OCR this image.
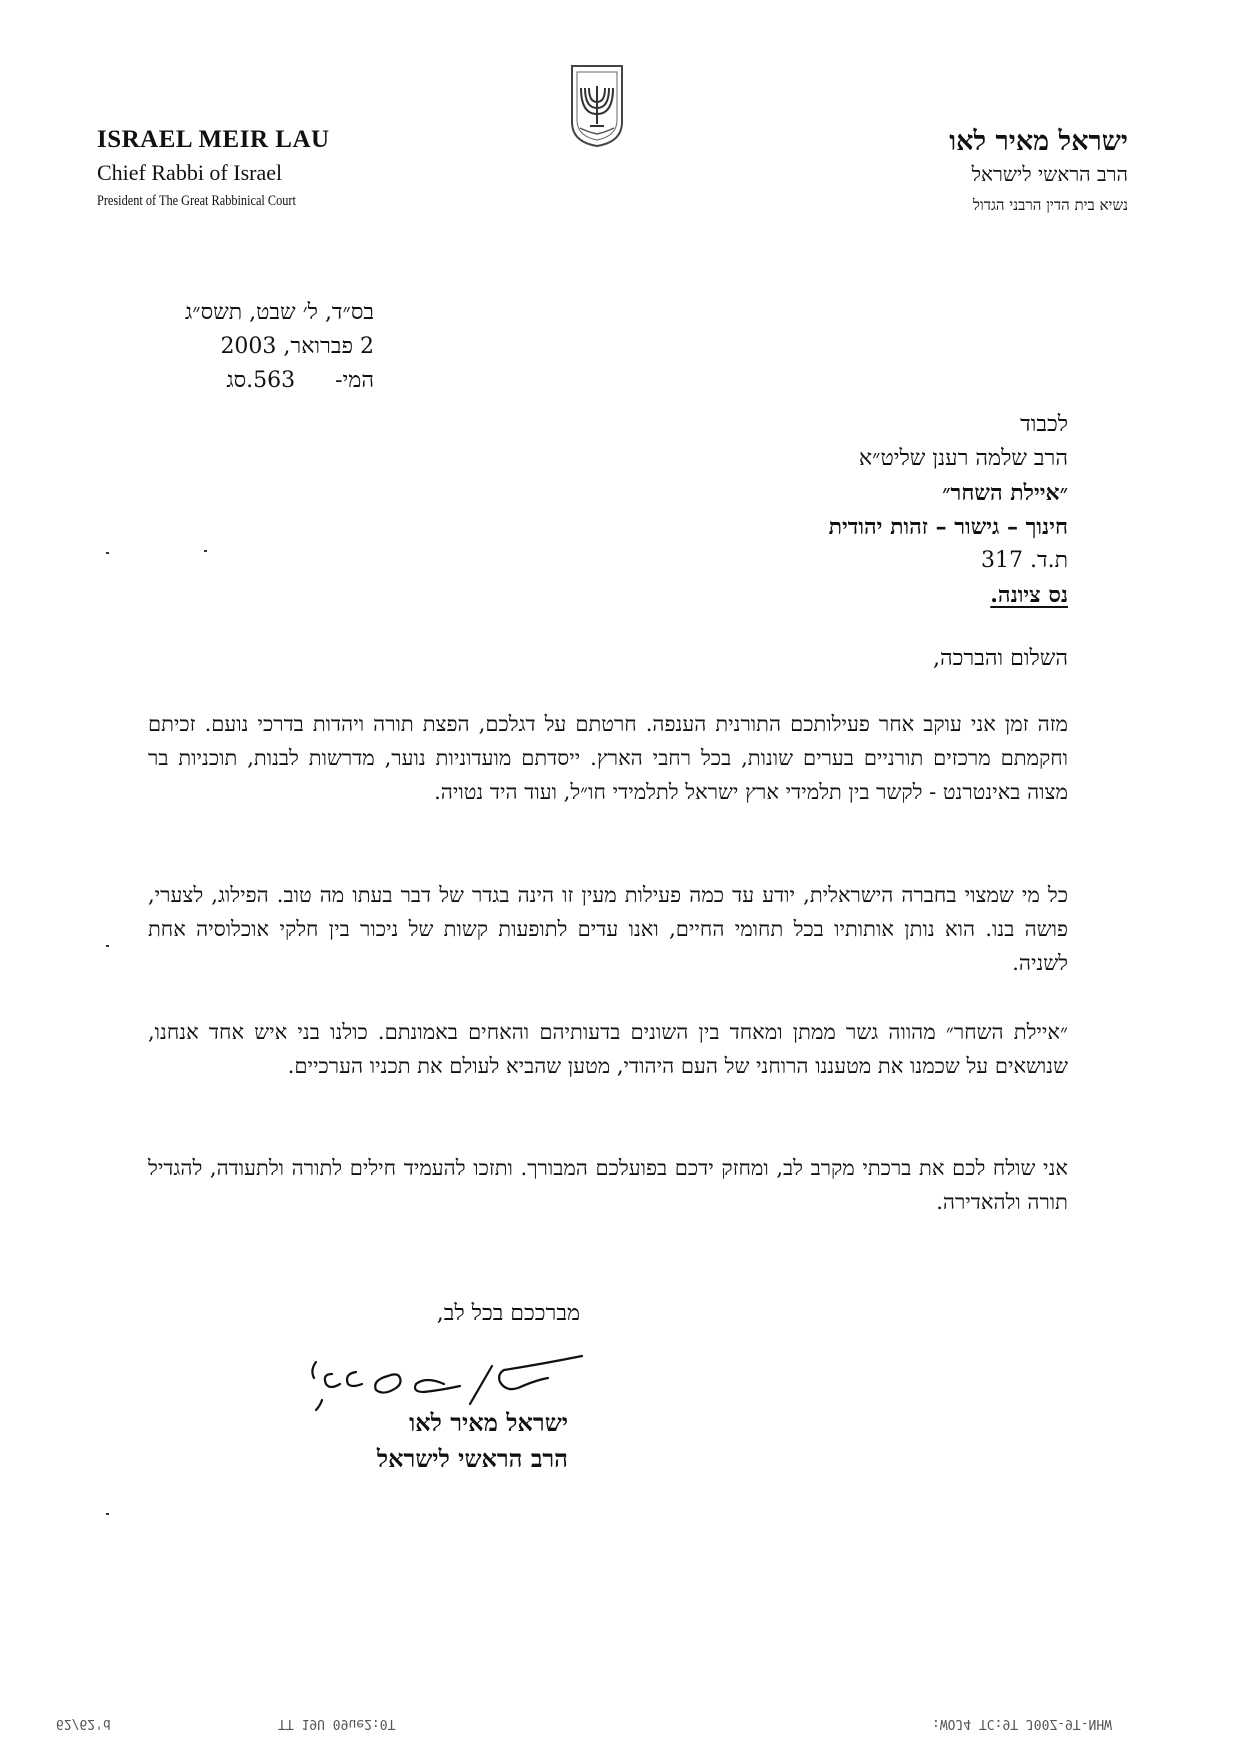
ISRAEL MEIR LAU
Chief Rabbi of Israel
President of The Great Rabbinical Court
ישראל מאיר לאו
הרב הראשי לישראל
נשיא בית הדין הרבני הגדול
בס״ד, ל׳ שבט, תשס״ג
2 פברואר, 2003
המי-563.סג
לכבוד
הרב שלמה רענן שליט״א
״איילת השחר״
חינוך – גישור – זהות יהודית
ת.ד. 317
נס ציונה.
השלום והברכה,
מזה זמן אני עוקב אחר פעילותכם התורנית הענפה. חרטתם על דגלכם, הפצת תורה ויהדות בדרכי נועם. זכיתם וחקמתם מרכזים תורניים בערים שונות, בכל רחבי הארץ. ייסדתם מועדוניות נוער, מדרשות לבנות, תוכניות בר מצוה באינטרנט - לקשר בין תלמידי ארץ ישראל לתלמידי חו״ל, ועוד היד נטויה.
כל מי שמצוי בחברה הישראלית, יודע עד כמה פעילות מעין זו הינה בגדר של דבר בעתו מה טוב. הפילוג, לצערי, פושה בנו. הוא נותן אותותיו בכל תחומי החיים, ואנו עדים לתופעות קשות של ניכור בין חלקי אוכלוסיה אחת לשניה.
״איילת השחר״ מהווה גשר ממתן ומאחד בין השונים בדעותיהם והאחים באמונתם. כולנו בני איש אחד אנחנו, שנושאים על שכמנו את מטעננו הרוחני של העם היהודי, מטען שהביא לעולם את תכניו הערכיים.
אני שולח לכם את ברכתי מקרב לב, ומחזק ידכם בפועלכם המבורך. ותזכו להעמיד חילים לתורה ולתעודה, להגדיל תורה ולהאדירה.
מברככם בכל לב,
ישראל מאיר לאו
הרב הראשי לישראל
62/62'd	TT 19U 09ue2:0T	:WOJ4 TC:9T J00Z-9T-NHW
